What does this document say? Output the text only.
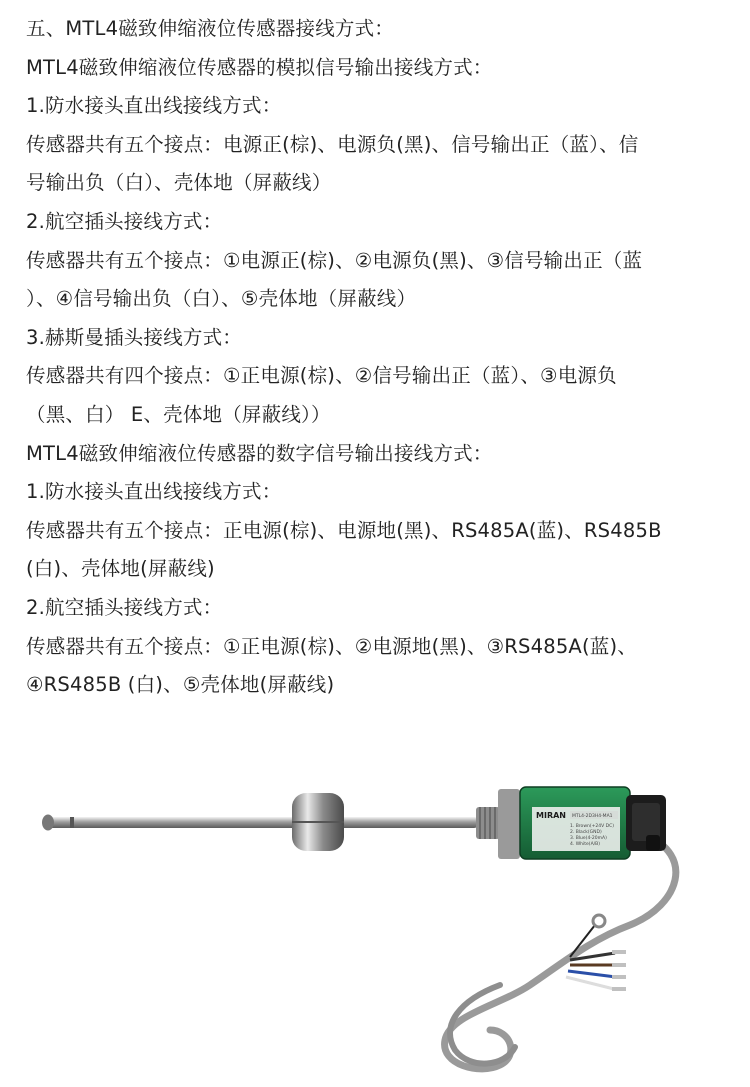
五、MTL4磁致伸缩液位传感器接线方式：
MTL4磁致伸缩液位传感器的模拟信号输出接线方式：
1.防水接头直出线接线方式：
传感器共有五个接点：电源正(棕)、电源负(黑)、信号输出正（蓝）、信
号输出负（白）、壳体地（屏蔽线）
2.航空插头接线方式：
传感器共有五个接点：①电源正(棕)、②电源负(黑)、③信号输出正（蓝
）、④信号输出负（白）、⑤壳体地（屏蔽线）
3.赫斯曼插头接线方式：
传感器共有四个接点：①正电源(棕)、②信号输出正（蓝）、③电源负
（黑、白） E、壳体地（屏蔽线））
MTL4磁致伸缩液位传感器的数字信号输出接线方式：
1.防水接头直出线接线方式：
传感器共有五个接点：正电源(棕)、电源地(黑)、RS485A(蓝)、RS485B
(白)、壳体地(屏蔽线)
2.航空插头接线方式：
传感器共有五个接点：①正电源(棕)、②电源地(黑)、③RS485A(蓝)、
④RS485B (白)、⑤壳体地(屏蔽线)
MIRAN MTL4-2D3H4-MA1
1. Brown(+24V DC)
2. Black(GND)
3. Blue(4-20mA)
4. White(A/B)
